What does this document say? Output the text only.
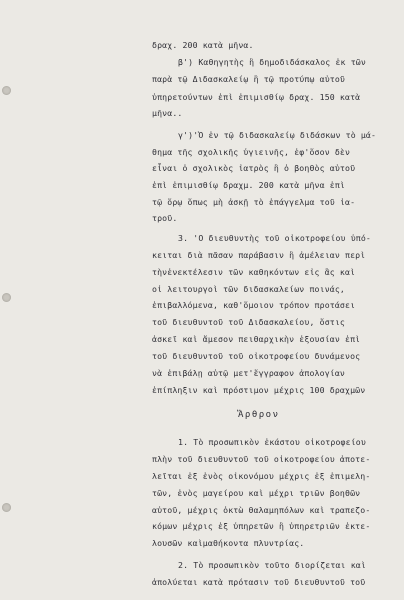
δραχ. 200 κατὰ μῆνα.
β') Καθηγητὴς ἢ δημοδιδάσκαλος ἐκ τῶν
παρὰ τῷ Διδασκαλείῳ ἢ τῷ προτύπῳ αὐτοῦ
ὑπηρετούντων ἐπὶ ἐπιμισθίῳ δραχ. 150 κατὰ
μῆνα..
γ')'Ὁ ἐν τῷ διδασκαλείῳ διδάσκων τὸ μά-
θημα τῆς σχολικῆς ὑγιεινῆς, ἐφ'ὅσον δὲν
εἶναι ὁ σχολικὸς ἰατρὸς ἢ ὁ βοηθὸς αὐτοῦ
ἐπὶ ἐπιμισθίῳ δραχμ. 200 κατὰ μῆνα ἐπὶ
τῷ ὅρῳ ὅπως μὴ ἀσκῇ τὸ ἐπάγγελμα τοῦ ἰα-
τροῦ.
3. 'Ο διευθυντὴς τοῦ οἰκοτροφείου ὑπό-
κειται διὰ πᾶσαν παράβασιν ἢ ἀμέλειαν περὶ
τὴνἐνεκτέλεσιν τῶν καθηκόντων εἰς ἃς καὶ
οἱ λειτουργοὶ τῶν διδασκαλείων ποινάς,
ἐπιβαλλόμενα, καθ'ὅμοιον τρόπον προτάσει
τοῦ διευθυντοῦ τοῦ Διδασκαλείου, ὅστις
ἀσκεῖ καὶ ἄμεσον πειθαρχικὴν ἐξουσίαν ἐπὶ
τοῦ διευθυντοῦ τοῦ οἰκοτροφείου δυνάμενος
νὰ ἐπιβάλῃ αὐτῷ μετ'ἔγγραφον ἀπολογίαν
ἐπίπληξιν καὶ πρόστιμον μέχρις 100 δραχμῶν
Ἄρθρον
1. Τὸ προσωπικὸν ἑκάστου οἰκοτροφείου
πλὴν τοῦ διευθυντοῦ τοῦ οἰκοτροφείου ἀποτε-
λεῖται ἐξ ἑνὸς οἰκονόμου μέχρις ἐξ ἐπιμελη-
τῶν, ἑνὸς μαγείρου καὶ μέχρι τριῶν βοηθῶν
αὐτοῦ, μέχρις ὀκτὼ θαλαμηπόλων καὶ τραπεζο-
κόμων μέχρις ἐξ ὑπηρετῶν ἢ ὑπηρετριῶν ἐκτε-
λουσῶν καὶμαθήκοντα πλυντρίας.
2. Τὸ προσωπικὸν τοῦτο διορίζεται καὶ
ἀπολύεται κατὰ πρότασιν τοῦ διευθυντοῦ τοῦ
